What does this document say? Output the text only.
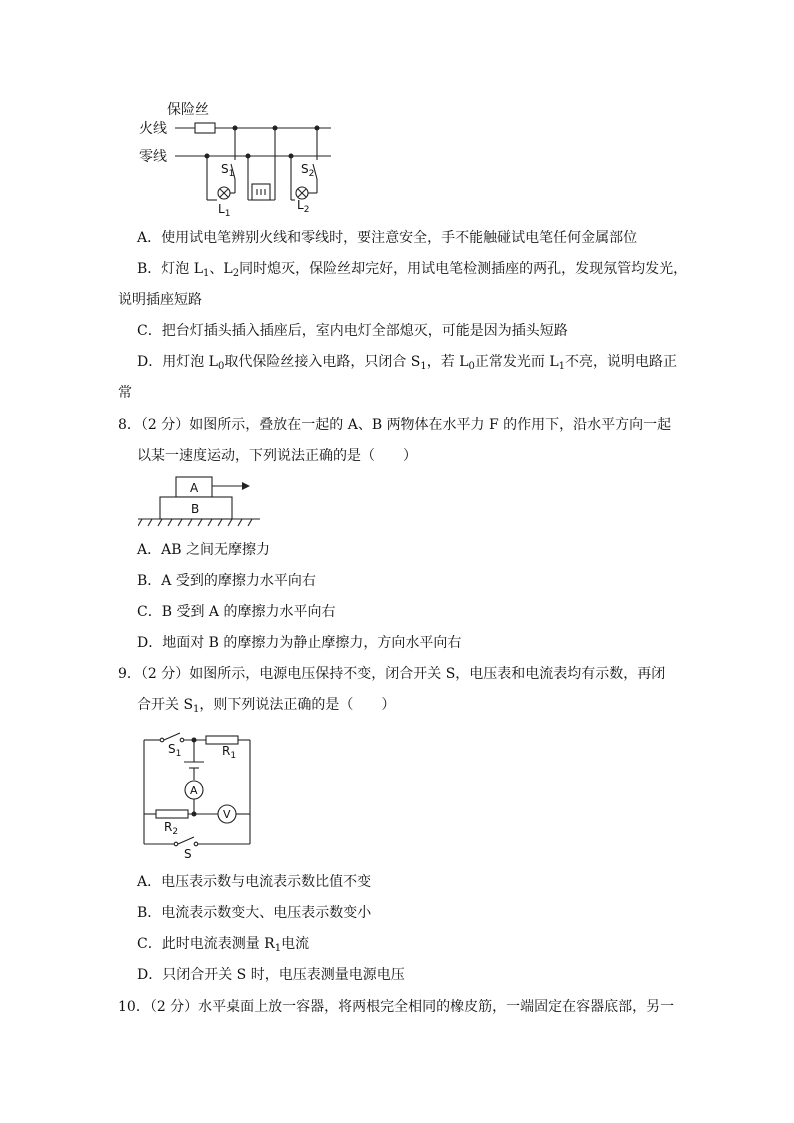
保险丝
火线
零线
$S_1$	$S_2$
$L_1$
$L_2$
A．使用试电笔辨别火线和零线时，要注意安全，手不能触碰试电笔任何金属部位
B．灯泡 $L_1$、$L_2$同时熄灭，保险丝却完好，用试电笔检测插座的两孔，发现氖管均发光，
说明插座短路
C．把台灯插头插入插座后，室内电灯全部熄灭，可能是因为插头短路
D．用灯泡 $L_0$取代保险丝接入电路，只闭合 $S_1$，若 $L_0$正常发光而 $L_1$不亮，说明电路正
常
8．（2 分）如图所示，叠放在一起的 A、B 两物体在水平力 F 的作用下，沿水平方向一起
以某一速度运动，下列说法正确的是（　　）
A
B
A．AB 之间无摩擦力
B．A 受到的摩擦力水平向右
C．B 受到 A 的摩擦力水平向右
D．地面对 B 的摩擦力为静止摩擦力，方向水平向右
9．（2 分）如图所示，电源电压保持不变，闭合开关 S，电压表和电流表均有示数，再闭
合开关 $S_1$，则下列说法正确的是（　　）
$S_1$	$R_1$
A
V
$R_2$
S
A．电压表示数与电流表示数比值不变
B．电流表示数变大、电压表示数变小
C．此时电流表测量 $R_1$电流
D．只闭合开关 S 时，电压表测量电源电压
10．（2 分）水平桌面上放一容器，将两根完全相同的橡皮筋，一端固定在容器底部，另一
